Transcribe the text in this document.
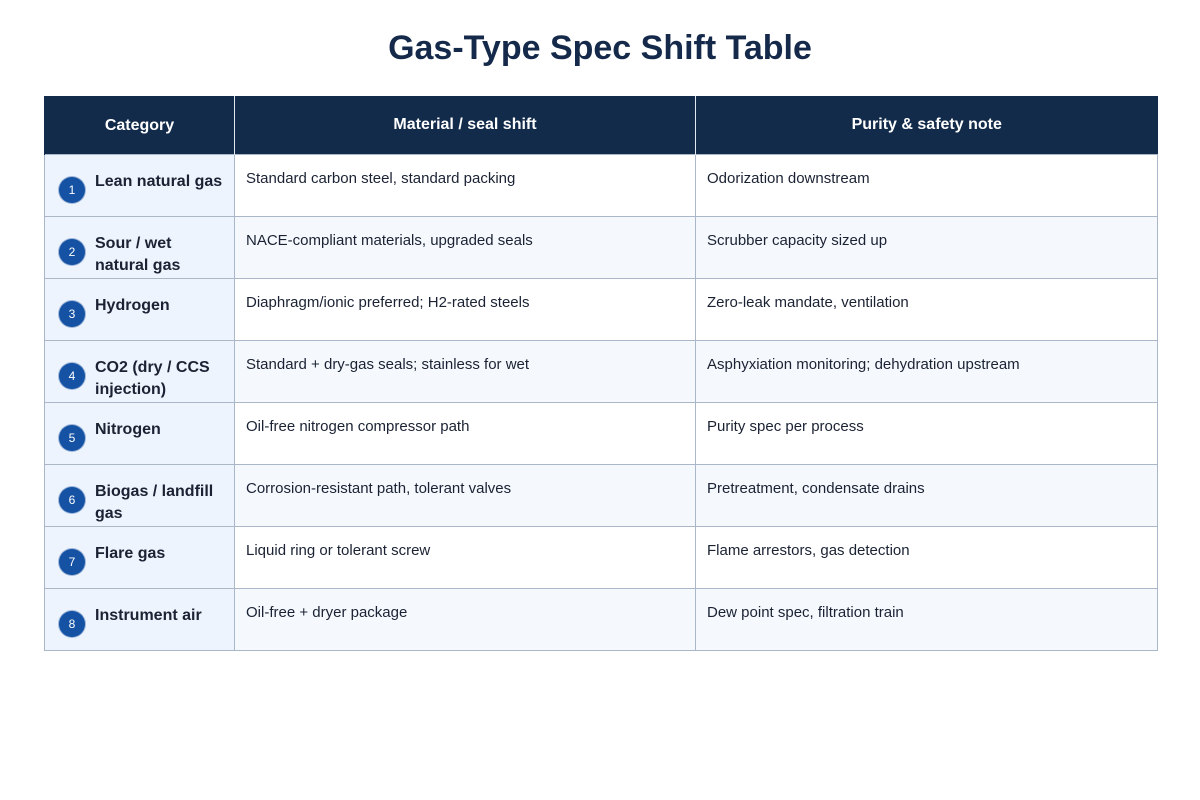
Gas-Type Spec Shift Table
Category	Material / seal shift	Purity & safety note

1 Lean natural gas	Standard carbon steel, standard packing	Odorization downstream

2 Sour / wet natural gas	NACE-compliant materials, upgraded seals	Scrubber capacity sized up

3 Hydrogen	Diaphragm/ionic preferred; H2-rated steels	Zero-leak mandate, ventilation

4 CO2 (dry / CCS injection)	Standard + dry-gas seals; stainless for wet	Asphyxiation monitoring; dehydration upstream

5 Nitrogen	Oil-free nitrogen compressor path	Purity spec per process

6 Biogas / landfill gas	Corrosion-resistant path, tolerant valves	Pretreatment, condensate drains

7 Flare gas	Liquid ring or tolerant screw	Flame arrestors, gas detection

8 Instrument air	Oil-free + dryer package	Dew point spec, filtration train
